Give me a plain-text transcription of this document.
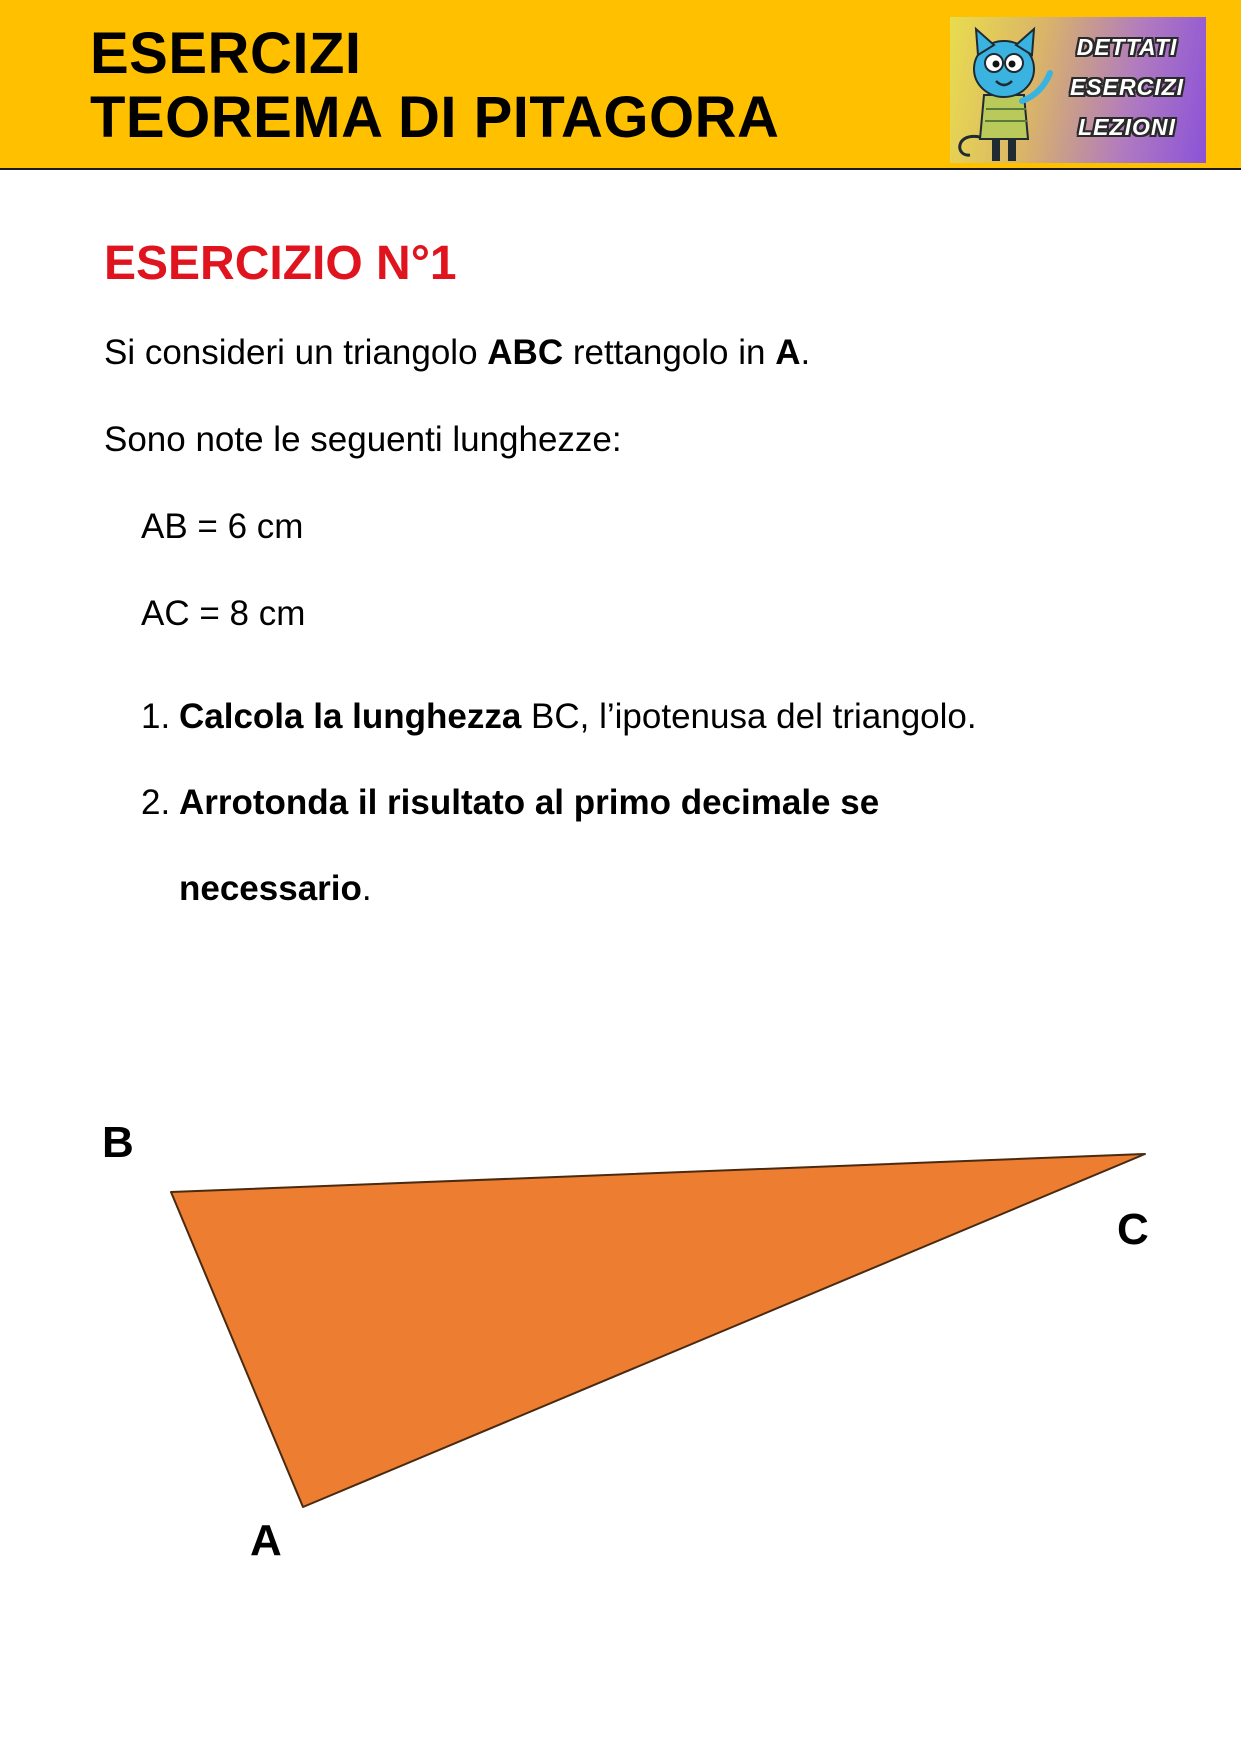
ESERCIZI
TEOREMA DI PITAGORA
DETTATI
ESERCIZI
LEZIONI
ESERCIZIO N°1
Si consideri un triangolo ABC rettangolo in A.
Sono note le seguenti lunghezze:
AB = 6 cm
AC = 8 cm
1. Calcola la lunghezza BC, l’ipotenusa del triangolo.
2. Arrotonda il risultato al primo decimale se
necessario.
B
C
A
